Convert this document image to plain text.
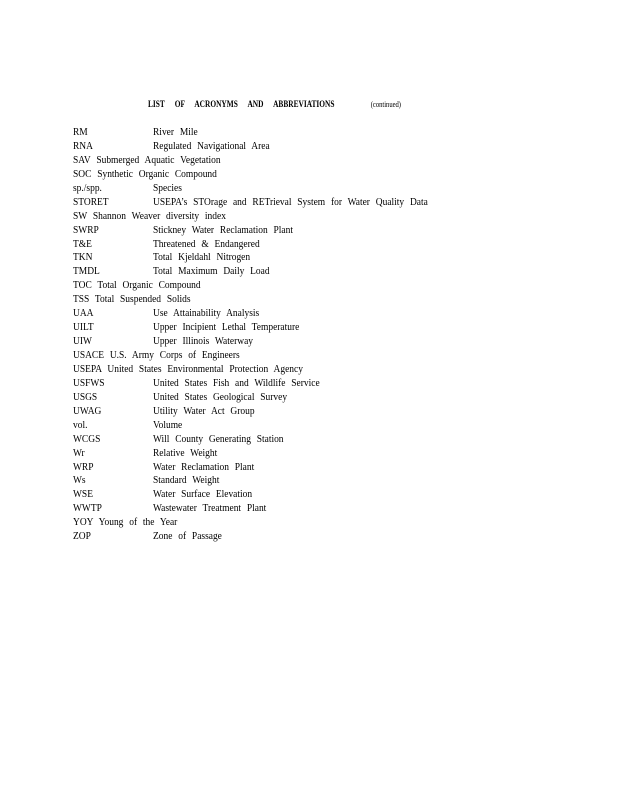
LIST OF ACRONYMS AND ABBREVIATIONS	(continued)
RM	River Mile
RNA	Regulated Navigational Area
SAV Submerged Aquatic Vegetation
SOC Synthetic Organic Compound
sp./spp.	Species
STORET	USEPA’s STOrage and RETrieval System for Water Quality Data
SW Shannon Weaver diversity index
SWRP	Stickney Water Reclamation Plant
T&E	Threatened & Endangered
TKN	Total Kjeldahl Nitrogen
TMDL	Total Maximum Daily Load
TOC Total Organic Compound
TSS Total Suspended Solids
UAA	Use Attainability Analysis
UILT	Upper Incipient Lethal Temperature
UIW	Upper Illinois Waterway
USACE U.S. Army Corps of Engineers
USEPA United States Environmental Protection Agency
USFWS	United States Fish and Wildlife Service
USGS	United States Geological Survey
UWAG	Utility Water Act Group
vol.	Volume
WCGS	Will County Generating Station
Wr	Relative Weight
WRP	Water Reclamation Plant
Ws	Standard Weight
WSE	Water Surface Elevation
WWTP	Wastewater Treatment Plant
YOY Young of the Year
ZOP	Zone of Passage
